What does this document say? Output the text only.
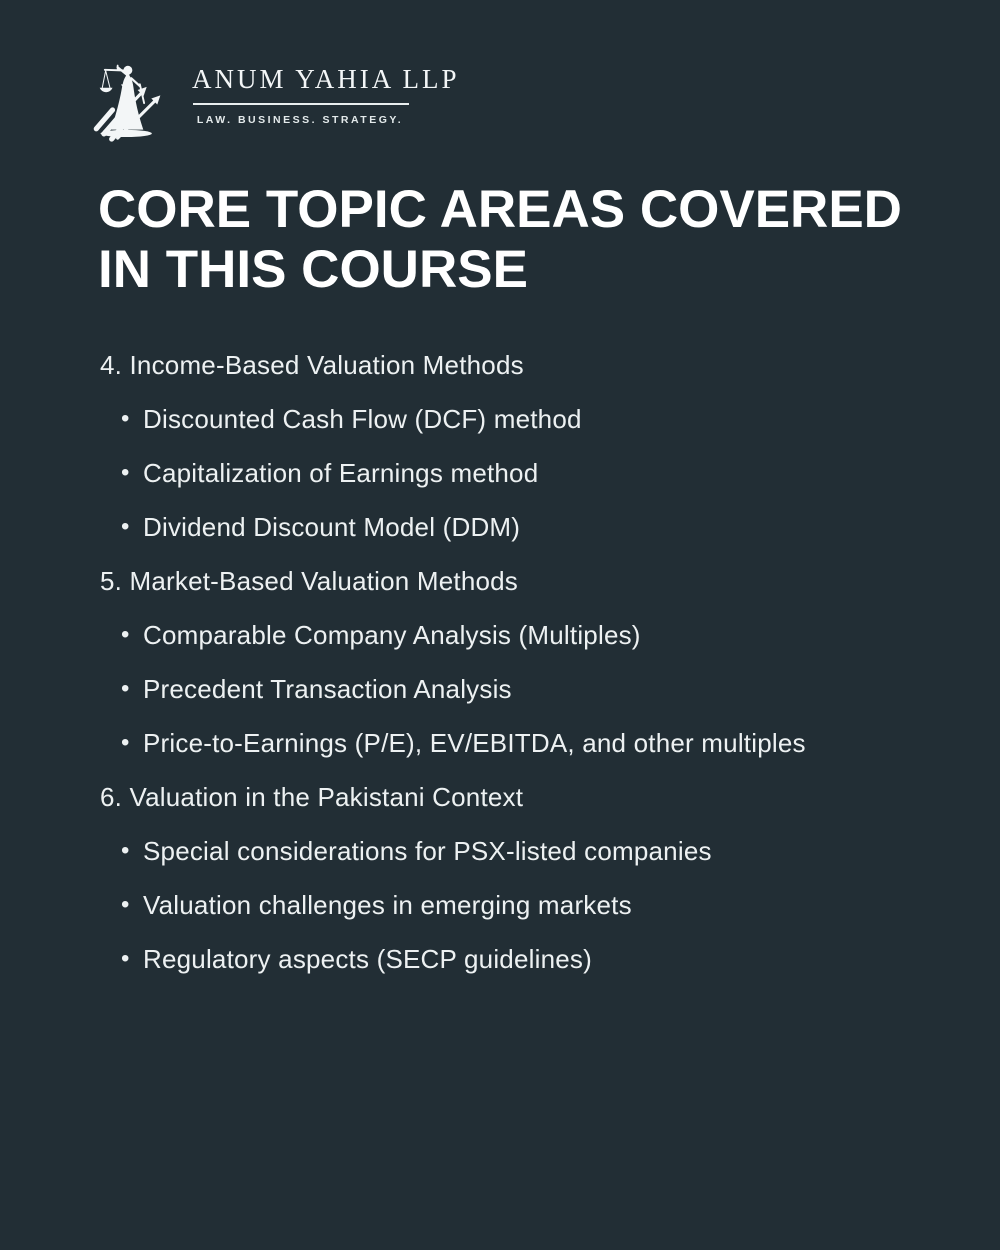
ANUM YAHIA LLP
LAW. BUSINESS. STRATEGY.
CORE TOPIC AREAS COVERED
IN THIS COURSE
4. Income-Based Valuation Methods
• Discounted Cash Flow (DCF) method
• Capitalization of Earnings method
• Dividend Discount Model (DDM)
5. Market-Based Valuation Methods
• Comparable Company Analysis (Multiples)
• Precedent Transaction Analysis
• Price-to-Earnings (P/E), EV/EBITDA, and other multiples
6. Valuation in the Pakistani Context
• Special considerations for PSX-listed companies
• Valuation challenges in emerging markets
• Regulatory aspects (SECP guidelines)
